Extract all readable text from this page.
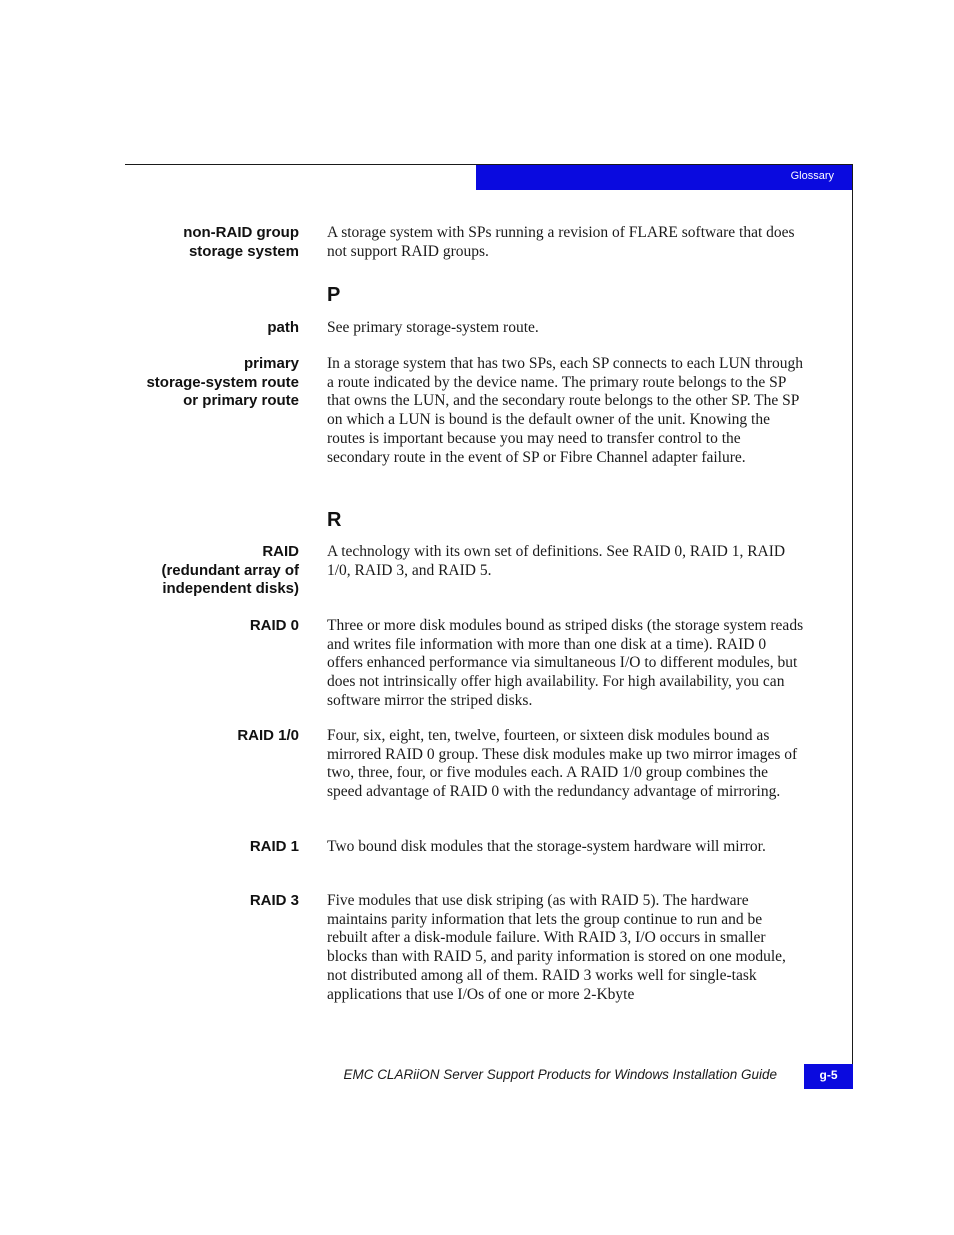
Glossary
non-RAID group
storage system
A storage system with SPs running a revision of FLARE software that does not support RAID groups.
P
path See primary storage-system route.
primary
storage-system route
or primary route
In a storage system that has two SPs, each SP connects to each LUN through a route indicated by the device name. The primary route belongs to the SP that owns the LUN, and the secondary route belongs to the other SP. The SP on which a LUN is bound is the default owner of the unit. Knowing the routes is important because you may need to transfer control to the secondary route in the event of SP or Fibre Channel adapter failure.
R
RAID
(redundant array of
independent disks)
A technology with its own set of definitions. See RAID 0, RAID 1, RAID 1/0, RAID 3, and RAID 5.
RAID 0 Three or more disk modules bound as striped disks (the storage system reads and writes file information with more than one disk at a time). RAID 0 offers enhanced performance via simultaneous I/O to different modules, but does not intrinsically offer high availability. For high availability, you can software mirror the striped disks.
RAID 1/0 Four, six, eight, ten, twelve, fourteen, or sixteen disk modules bound as mirrored RAID 0 group. These disk modules make up two mirror images of two, three, four, or five modules each. A RAID 1/0 group combines the speed advantage of RAID 0 with the redundancy advantage of mirroring.
RAID 1 Two bound disk modules that the storage-system hardware will mirror.
RAID 3 Five modules that use disk striping (as with RAID 5). The hardware maintains parity information that lets the group continue to run and be rebuilt after a disk-module failure. With RAID 3, I/O occurs in smaller blocks than with RAID 5, and parity information is stored on one module, not distributed among all of them. RAID 3 works well for single-task applications that use I/Os of one or more 2-Kbyte
EMC CLARiiON Server Support Products for Windows Installation Guide	g-5
